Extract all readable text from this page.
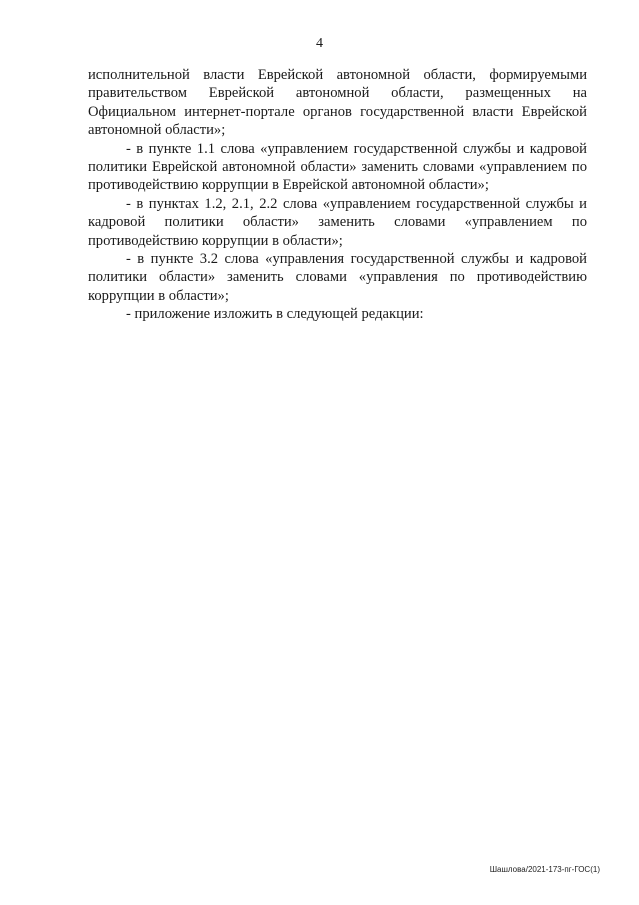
4

исполнительной власти Еврейской автономной области, формируемыми правительством Еврейской автономной области, размещенных на Официальном интернет-портале органов государственной власти Еврейской автономной области»;

- в пункте 1.1 слова «управлением государственной службы и кадровой политики Еврейской автономной области» заменить словами «управлением по противодействию коррупции в Еврейской автономной области»;

- в пунктах 1.2, 2.1, 2.2 слова «управлением государственной службы и кадровой политики области» заменить словами «управлением по противодействию коррупции в области»;

- в пункте 3.2 слова «управления государственной службы и кадровой политики области» заменить словами «управления по противодействию коррупции в области»;

- приложение изложить в следующей редакции:

Шашлова/2021-173-пг-ГОС(1)
